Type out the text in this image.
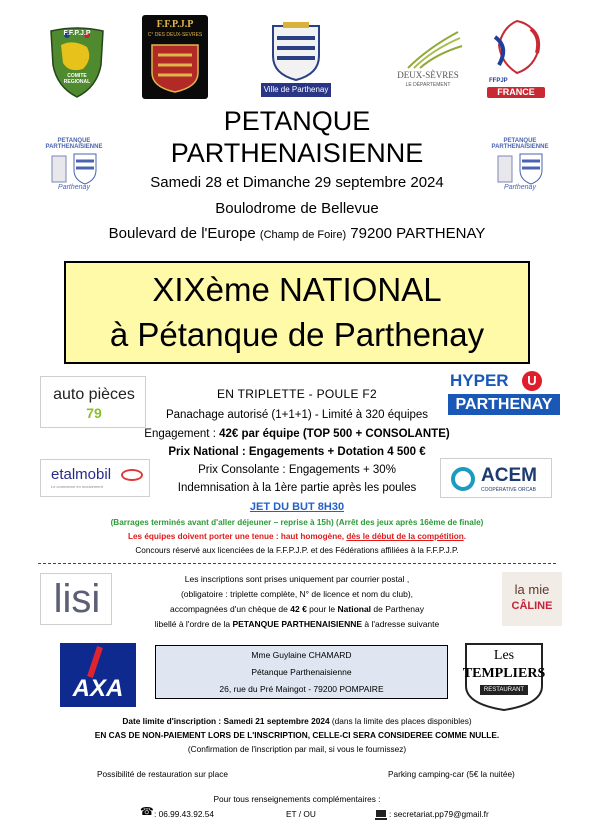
F.F.P.J.P
COMITE REGIONAL
F.F.P.J.P
C° DES DEUX-SEVRES
Ville de Parthenay
DEUX-SÈVRES
LE DÉPARTEMENT
FFPJP
FRANCE
PETANQUE PARTHENAISIENNE
Parthenay
PETANQUE PARTHENAISIENNE
Parthenay
PETANQUE
PARTHENAISIENNE
Samedi 28 et Dimanche 29 septembre 2024
Boulodrome de Bellevue
Boulevard de l'Europe (Champ de Foire) 79200 PARTHENAY
XIXème NATIONAL
à Pétanque de Parthenay
auto pièces
79
HYPER	U
PARTHENAY
EN TRIPLETTE - POULE F2
Panachage autorisé (1+1+1) - Limité à 320 équipes
Engagement : 42€ par équipe (TOP 500 + CONSOLANTE)
Prix National : Engagements + Dotation 4 500 €
Prix Consolante : Engagements + 30%
Indemnisation à la 1ère partie après les poules
JET DU BUT 8H30
etalmobil
Le commerce en mouvement
ACEM
COOPÉRATIVE ORCAB
(Barrages terminés avant d'aller déjeuner – reprise à 15h) (Arrêt des jeux après 16ème de finale)
Les équipes doivent porter une tenue : haut homogène, dès le début de la compétition.
Concours réservé aux licenciées de la F.F.P.J.P. et des Fédérations affiliées à la F.F.P.J.P.
lisi	la mie
CÂLINE
Les inscriptions sont prises uniquement par courrier postal ,
(obligatoire : triplette complète, N° de licence et nom du club),
accompagnées d'un chèque de 42 € pour le National de Parthenay
libellé à l'ordre de la PETANQUE PARTHENAISIENNE à l'adresse suivante
AXA
Mme Guylaine CHAMARD
Pétanque Parthenaisienne
26, rue du Pré Maingot - 79200 POMPAIRE
Les
TEMPLIERS
RESTAURANT
Date limite d'inscription : Samedi 21 septembre 2024 (dans la limite des places disponibles)
EN CAS DE NON-PAIEMENT LORS DE L'INSCRIPTION, CELLE-CI SERA CONSIDEREE COMME NULLE.
(Confirmation de l'inscription par mail, si vous le fournissez)
Possibilité de restauration sur place	Parking camping-car (5€ la nuitée)
Pour tous renseignements complémentaires :
☎ : 06.99.43.92.54	ET / OU	: secretariat.pp79@gmail.fr
